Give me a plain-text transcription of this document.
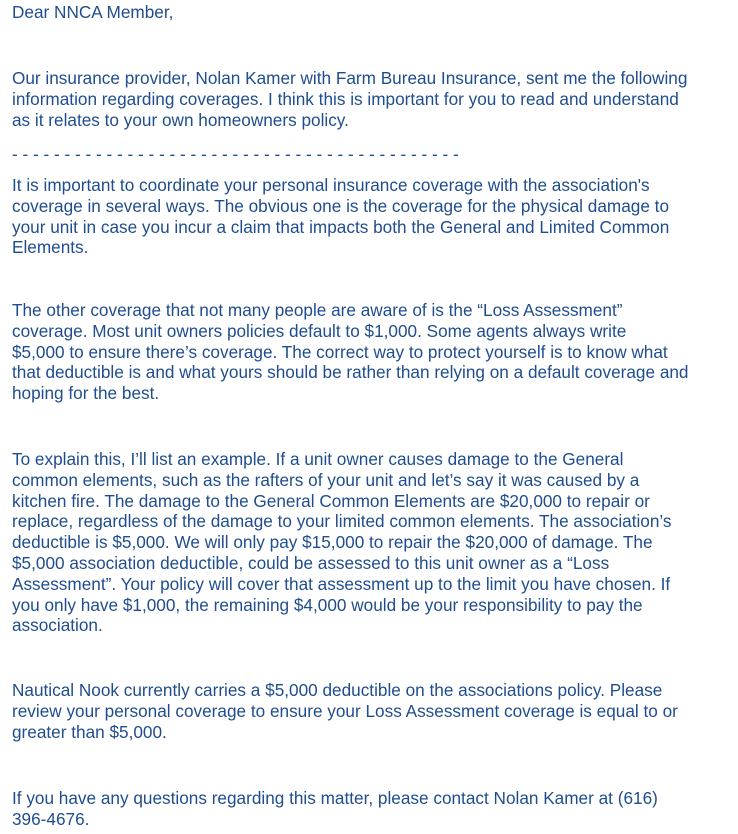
Dear NNCA Member,
Our insurance provider, Nolan Kamer with Farm Bureau Insurance, sent me the following
information regarding coverages. I think this is important for you to read and understand
as it relates to your own homeowners policy.
- - - - - - - - - - - - - - - - - - - - - - - - - - - - - - - - - - - - - - - - - - -
It is important to coordinate your personal insurance coverage with the association's
coverage in several ways. The obvious one is the coverage for the physical damage to
your unit in case you incur a claim that impacts both the General and Limited Common
Elements.
The other coverage that not many people are aware of is the “Loss Assessment”
coverage. Most unit owners policies default to $1,000. Some agents always write
$5,000 to ensure there’s coverage. The correct way to protect yourself is to know what
that deductible is and what yours should be rather than relying on a default coverage and
hoping for the best.
To explain this, I’ll list an example. If a unit owner causes damage to the General
common elements, such as the rafters of your unit and let’s say it was caused by a
kitchen fire. The damage to the General Common Elements are $20,000 to repair or
replace, regardless of the damage to your limited common elements. The association’s
deductible is $5,000. We will only pay $15,000 to repair the $20,000 of damage. The
$5,000 association deductible, could be assessed to this unit owner as a “Loss
Assessment”. Your policy will cover that assessment up to the limit you have chosen. If
you only have $1,000, the remaining $4,000 would be your responsibility to pay the
association.
Nautical Nook currently carries a $5,000 deductible on the associations policy. Please
review your personal coverage to ensure your Loss Assessment coverage is equal to or
greater than $5,000.
If you have any questions regarding this matter, please contact Nolan Kamer at (616)
396-4676.
